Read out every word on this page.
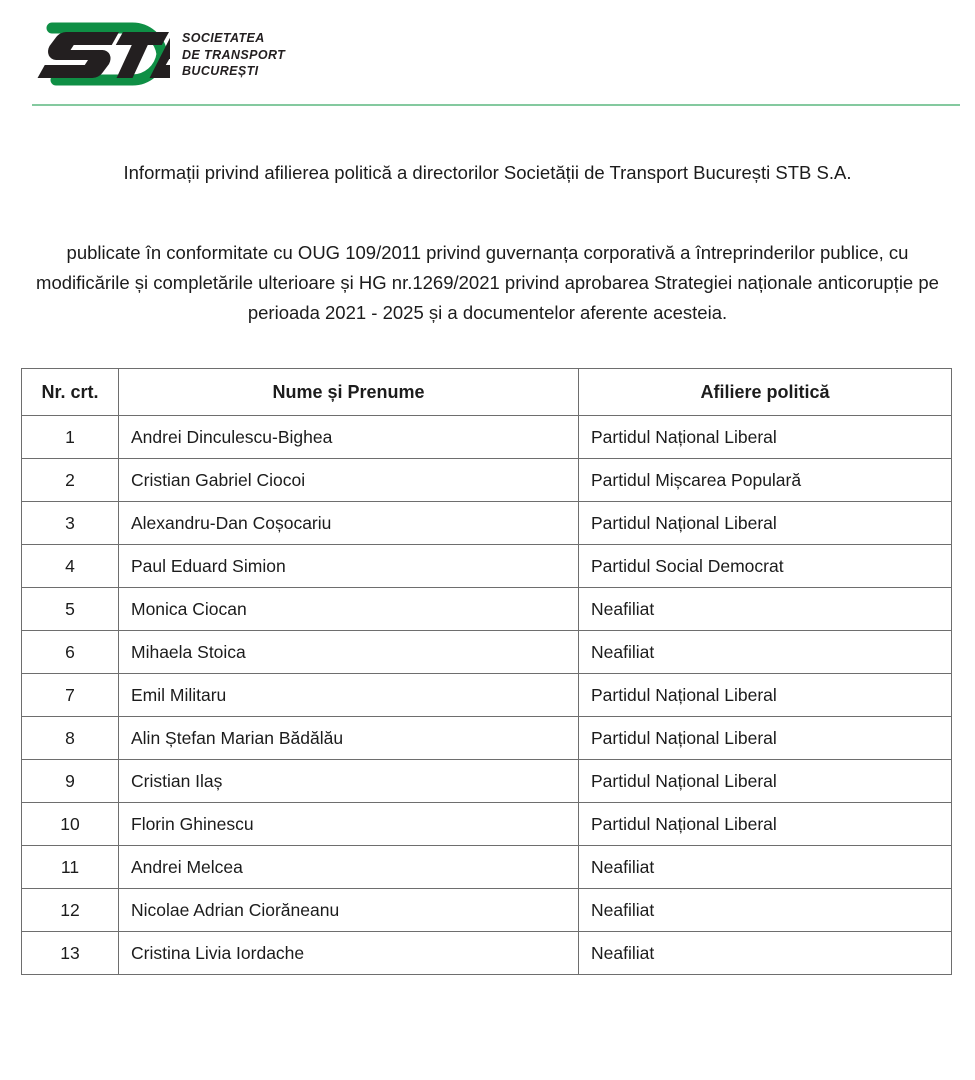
SOCIETATEA
DE TRANSPORT
BUCUREȘTI
Informații privind afilierea politică a directorilor Societății de Transport București STB S.A.
publicate în conformitate cu OUG 109/2011 privind guvernanța corporativă a întreprinderilor publice, cu modificările și completările ulterioare și HG nr.1269/2021 privind aprobarea Strategiei naționale anticorupție pe perioada 2021 - 2025 și a documentelor aferente acesteia.
Nr. crt.	Nume și Prenume	Afiliere politică
1	Andrei Dinculescu-Bighea	Partidul Național Liberal
2	Cristian Gabriel Ciocoi	Partidul Mișcarea Populară
3	Alexandru-Dan Coșocariu	Partidul Național Liberal
4	Paul Eduard Simion	Partidul Social Democrat
5	Monica Ciocan	Neafiliat
6	Mihaela Stoica	Neafiliat
7	Emil Militaru	Partidul Național Liberal
8	Alin Ștefan Marian Bădălău	Partidul Național Liberal
9	Cristian Ilaș	Partidul Național Liberal
10	Florin Ghinescu	Partidul Național Liberal
11	Andrei Melcea	Neafiliat
12	Nicolae Adrian Ciorăneanu	Neafiliat
13	Cristina Livia Iordache	Neafiliat
